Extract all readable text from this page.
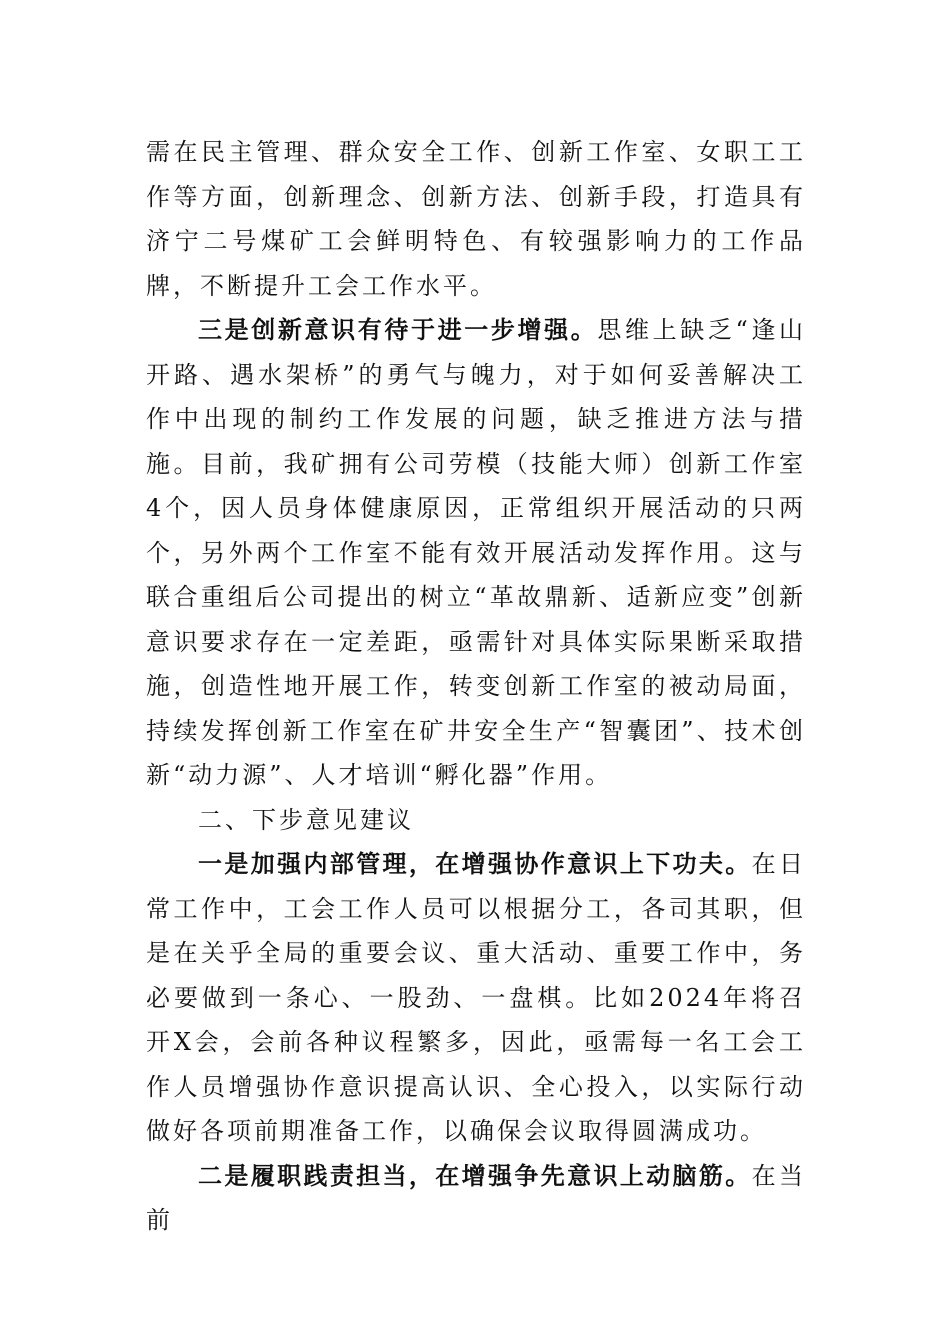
需在民主管理、群众安全工作、创新工作室、女职工工作等方面，创新理念、创新方法、创新手段，打造具有济宁二号煤矿工会鲜明特色、有较强影响力的工作品牌，不断提升工会工作水平。

三是创新意识有待于进一步增强。思维上缺乏“逢山开路、遇水架桥”的勇气与魄力，对于如何妥善解决工作中出现的制约工作发展的问题，缺乏推进方法与措施。目前，我矿拥有公司劳模（技能大师）创新工作室4个，因人员身体健康原因，正常组织开展活动的只两个，另外两个工作室不能有效开展活动发挥作用。这与联合重组后公司提出的树立“革故鼎新、适新应变”创新意识要求存在一定差距，亟需针对具体实际果断采取措施，创造性地开展工作，转变创新工作室的被动局面，持续发挥创新工作室在矿井安全生产“智囊团”、技术创新“动力源”、人才培训“孵化器”作用。

二、下步意见建议

一是加强内部管理，在增强协作意识上下功夫。在日常工作中，工会工作人员可以根据分工，各司其职，但是在关乎全局的重要会议、重大活动、重要工作中，务必要做到一条心、一股劲、一盘棋。比如2024年将召开X会，会前各种议程繁多，因此，亟需每一名工会工作人员增强协作意识提高认识、全心投入，以实际行动做好各项前期准备工作，以确保会议取得圆满成功。

二是履职践责担当，在增强争先意识上动脑筋。在当前
